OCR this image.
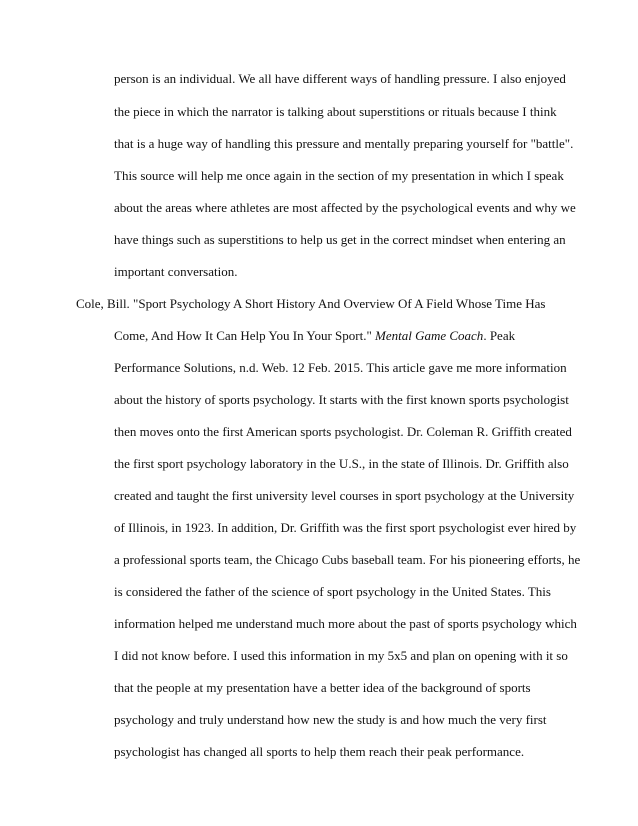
person is an individual. We all have different ways of handling pressure. I also enjoyed
the piece in which the narrator is talking about superstitions or rituals because I think
that is a huge way of handling this pressure and mentally preparing yourself for "battle".
This source will help me once again in the section of my presentation in which I speak
about the areas where athletes are most affected by the psychological events and why we
have things such as superstitions to help us get in the correct mindset when entering an
important conversation.
Cole, Bill. "Sport Psychology A Short History And Overview Of A Field Whose Time Has
Come, And How It Can Help You In Your Sport." Mental Game Coach. Peak
Performance Solutions, n.d. Web. 12 Feb. 2015. This article gave me more information
about the history of sports psychology. It starts with the first known sports psychologist
then moves onto the first American sports psychologist. Dr. Coleman R. Griffith created
the first sport psychology laboratory in the U.S., in the state of Illinois. Dr. Griffith also
created and taught the first university level courses in sport psychology at the University
of Illinois, in 1923. In addition, Dr. Griffith was the first sport psychologist ever hired by
a professional sports team, the Chicago Cubs baseball team. For his pioneering efforts, he
is considered the father of the science of sport psychology in the United States. This
information helped me understand much more about the past of sports psychology which
I did not know before. I used this information in my 5x5 and plan on opening with it so
that the people at my presentation have a better idea of the background of sports
psychology and truly understand how new the study is and how much the very first
psychologist has changed all sports to help them reach their peak performance.
